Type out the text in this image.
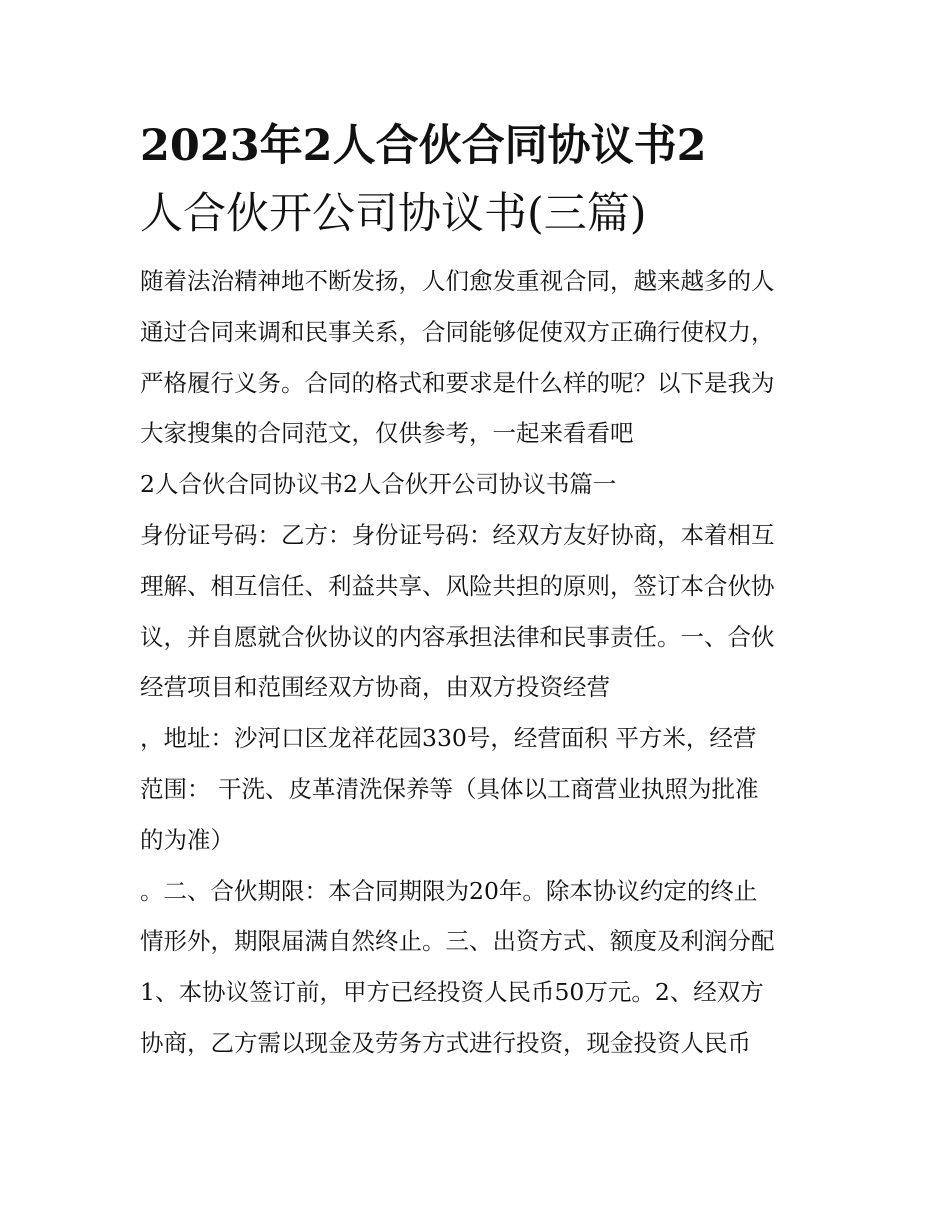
2023年2人合伙合同协议书2
人合伙开公司协议书(三篇)
随着法治精神地不断发扬，人们愈发重视合同，越来越多的人
通过合同来调和民事关系，合同能够促使双方正确行使权力，
严格履行义务。合同的格式和要求是什么样的呢？以下是我为
大家搜集的合同范文，仅供参考，一起来看看吧
2人合伙合同协议书2人合伙开公司协议书篇一
身份证号码：乙方：身份证号码：经双方友好协商，本着相互
理解、相互信任、利益共享、风险共担的原则，签订本合伙协
议，并自愿就合伙协议的内容承担法律和民事责任。一、合伙
经营项目和范围经双方协商，由双方投资经营
，地址：沙河口区龙祥花园330号，经营面积 平方米，经营
范围： 干洗、皮革清洗保养等（具体以工商营业执照为批准
的为准）
。二、合伙期限：本合同期限为20年。除本协议约定的终止
情形外，期限届满自然终止。三、出资方式、额度及利润分配
1、本协议签订前，甲方已经投资人民币50万元。2、经双方
协商，乙方需以现金及劳务方式进行投资，现金投资人民币
